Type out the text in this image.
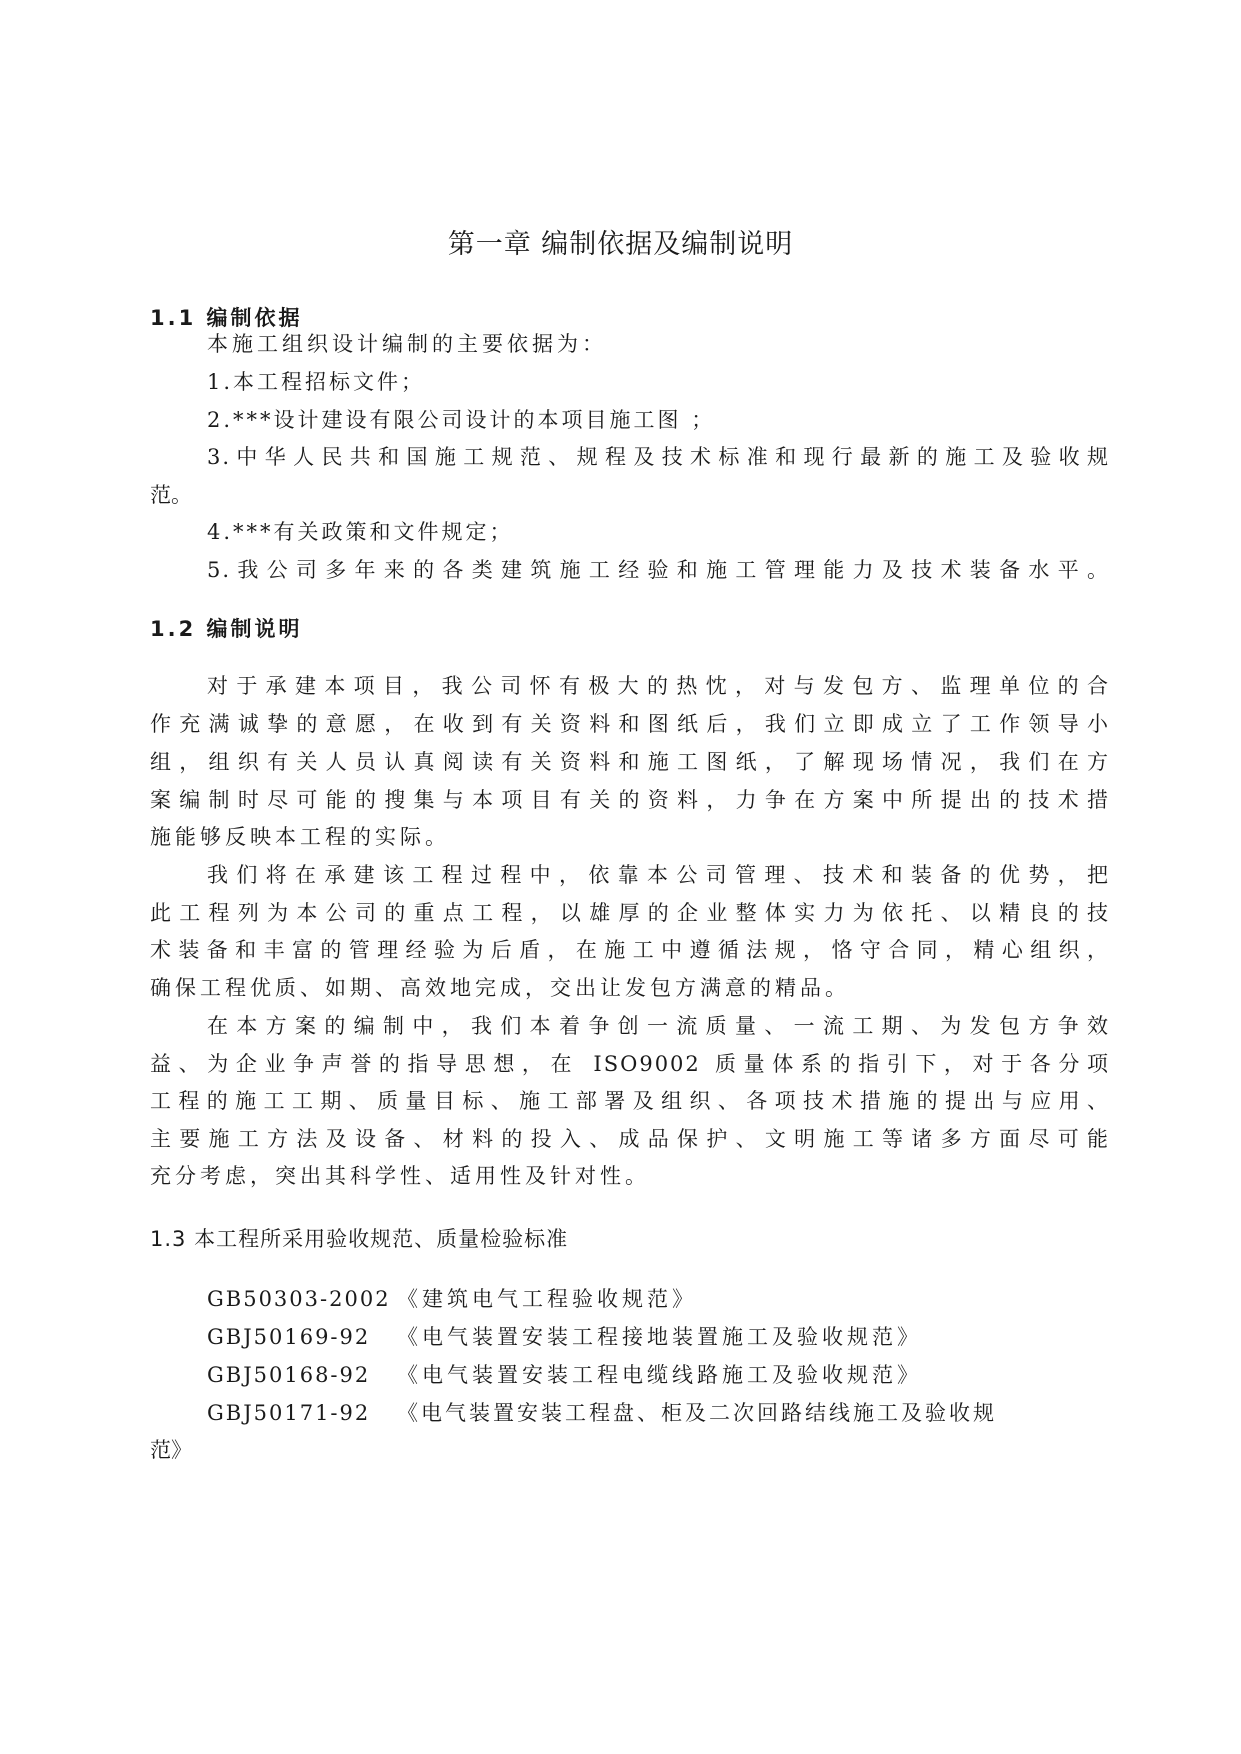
第一章 编制依据及编制说明
1.1 编制依据

本施工组织设计编制的主要依据为：

1.本工程招标文件；

2.***设计建设有限公司设计的本项目施工图 ；

3.中华人民共和国施工规范、规程及技术标准和现行最新的施工及验收规

范。

4.***有关政策和文件规定；

5.我公司多年来的各类建筑施工经验和施工管理能力及技术装备水平。

1.2 编制说明

对于承建本项目，我公司怀有极大的热忱，对与发包方、监理单位的合

作充满诚挚的意愿，在收到有关资料和图纸后，我们立即成立了工作领导小

组，组织有关人员认真阅读有关资料和施工图纸，了解现场情况，我们在方

案编制时尽可能的搜集与本项目有关的资料，力争在方案中所提出的技术措

施能够反映本工程的实际。

我们将在承建该工程过程中，依靠本公司管理、技术和装备的优势，把

此工程列为本公司的重点工程，以雄厚的企业整体实力为依托、以精良的技

术装备和丰富的管理经验为后盾，在施工中遵循法规，恪守合同，精心组织，

确保工程优质、如期、高效地完成，交出让发包方满意的精品。

在本方案的编制中，我们本着争创一流质量、一流工期、为发包方争效

益、为企业争声誉的指导思想，在 ISO9002 质量体系的指引下，对于各分项

工程的施工工期、质量目标、施工部署及组织、各项技术措施的提出与应用、

主要施工方法及设备、材料的投入、成品保护、文明施工等诸多方面尽可能

充分考虑，突出其科学性、适用性及针对性。

1.3 本工程所采用验收规范、质量检验标准

GB50303-2002 《建筑电气工程验收规范》

GBJ50169-92 《电气装置安装工程接地装置施工及验收规范》

GBJ50168-92 《电气装置安装工程电缆线路施工及验收规范》

GBJ50171-92 《电气装置安装工程盘、柜及二次回路结线施工及验收规

范》
